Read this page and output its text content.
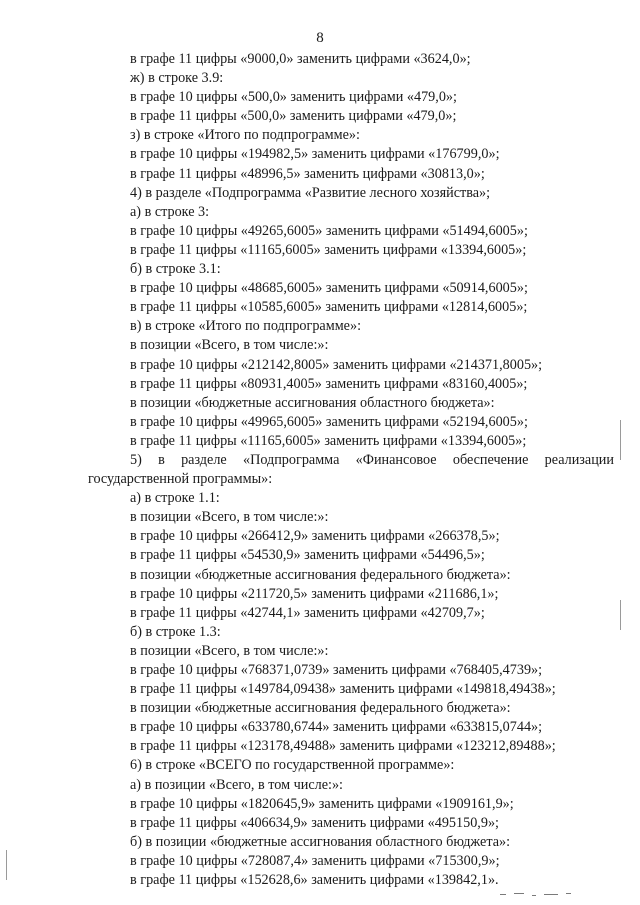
8
в графе 11 цифры «9000,0» заменить цифрами «3624,0»;
ж) в строке 3.9:
в графе 10 цифры «500,0» заменить цифрами «479,0»;
в графе 11 цифры «500,0» заменить цифрами «479,0»;
з) в строке «Итого по подпрограмме»:
в графе 10 цифры «194982,5» заменить цифрами «176799,0»;
в графе 11 цифры «48996,5» заменить цифрами «30813,0»;
4) в разделе «Подпрограмма «Развитие лесного хозяйства»;
а) в строке 3:
в графе 10 цифры «49265,6005» заменить цифрами «51494,6005»;
в графе 11 цифры «11165,6005» заменить цифрами «13394,6005»;
б) в строке 3.1:
в графе 10 цифры «48685,6005» заменить цифрами «50914,6005»;
в графе 11 цифры «10585,6005» заменить цифрами «12814,6005»;
в) в строке «Итого по подпрограмме»:
в позиции «Всего, в том числе:»:
в графе 10 цифры «212142,8005» заменить цифрами «214371,8005»;
в графе 11 цифры «80931,4005» заменить цифрами «83160,4005»;
в позиции «бюджетные ассигнования областного бюджета»:
в графе 10 цифры «49965,6005» заменить цифрами «52194,6005»;
в графе 11 цифры «11165,6005» заменить цифрами «13394,6005»;
5) в разделе «Подпрограмма «Финансовое обеспечение реализации
государственной программы»:
а) в строке 1.1:
в позиции «Всего, в том числе:»:
в графе 10 цифры «266412,9» заменить цифрами «266378,5»;
в графе 11 цифры «54530,9» заменить цифрами «54496,5»;
в позиции «бюджетные ассигнования федерального бюджета»:
в графе 10 цифры «211720,5» заменить цифрами «211686,1»;
в графе 11 цифры «42744,1» заменить цифрами «42709,7»;
б) в строке 1.3:
в позиции «Всего, в том числе:»:
в графе 10 цифры «768371,0739» заменить цифрами «768405,4739»;
в графе 11 цифры «149784,09438» заменить цифрами «149818,49438»;
в позиции «бюджетные ассигнования федерального бюджета»:
в графе 10 цифры «633780,6744» заменить цифрами «633815,0744»;
в графе 11 цифры «123178,49488» заменить цифрами «123212,89488»;
6) в строке «ВСЕГО по государственной программе»:
а) в позиции «Всего, в том числе:»:
в графе 10 цифры «1820645,9» заменить цифрами «1909161,9»;
в графе 11 цифры «406634,9» заменить цифрами «495150,9»;
б) в позиции «бюджетные ассигнования областного бюджета»:
в графе 10 цифры «728087,4» заменить цифрами «715300,9»;
в графе 11 цифры «152628,6» заменить цифрами «139842,1».
